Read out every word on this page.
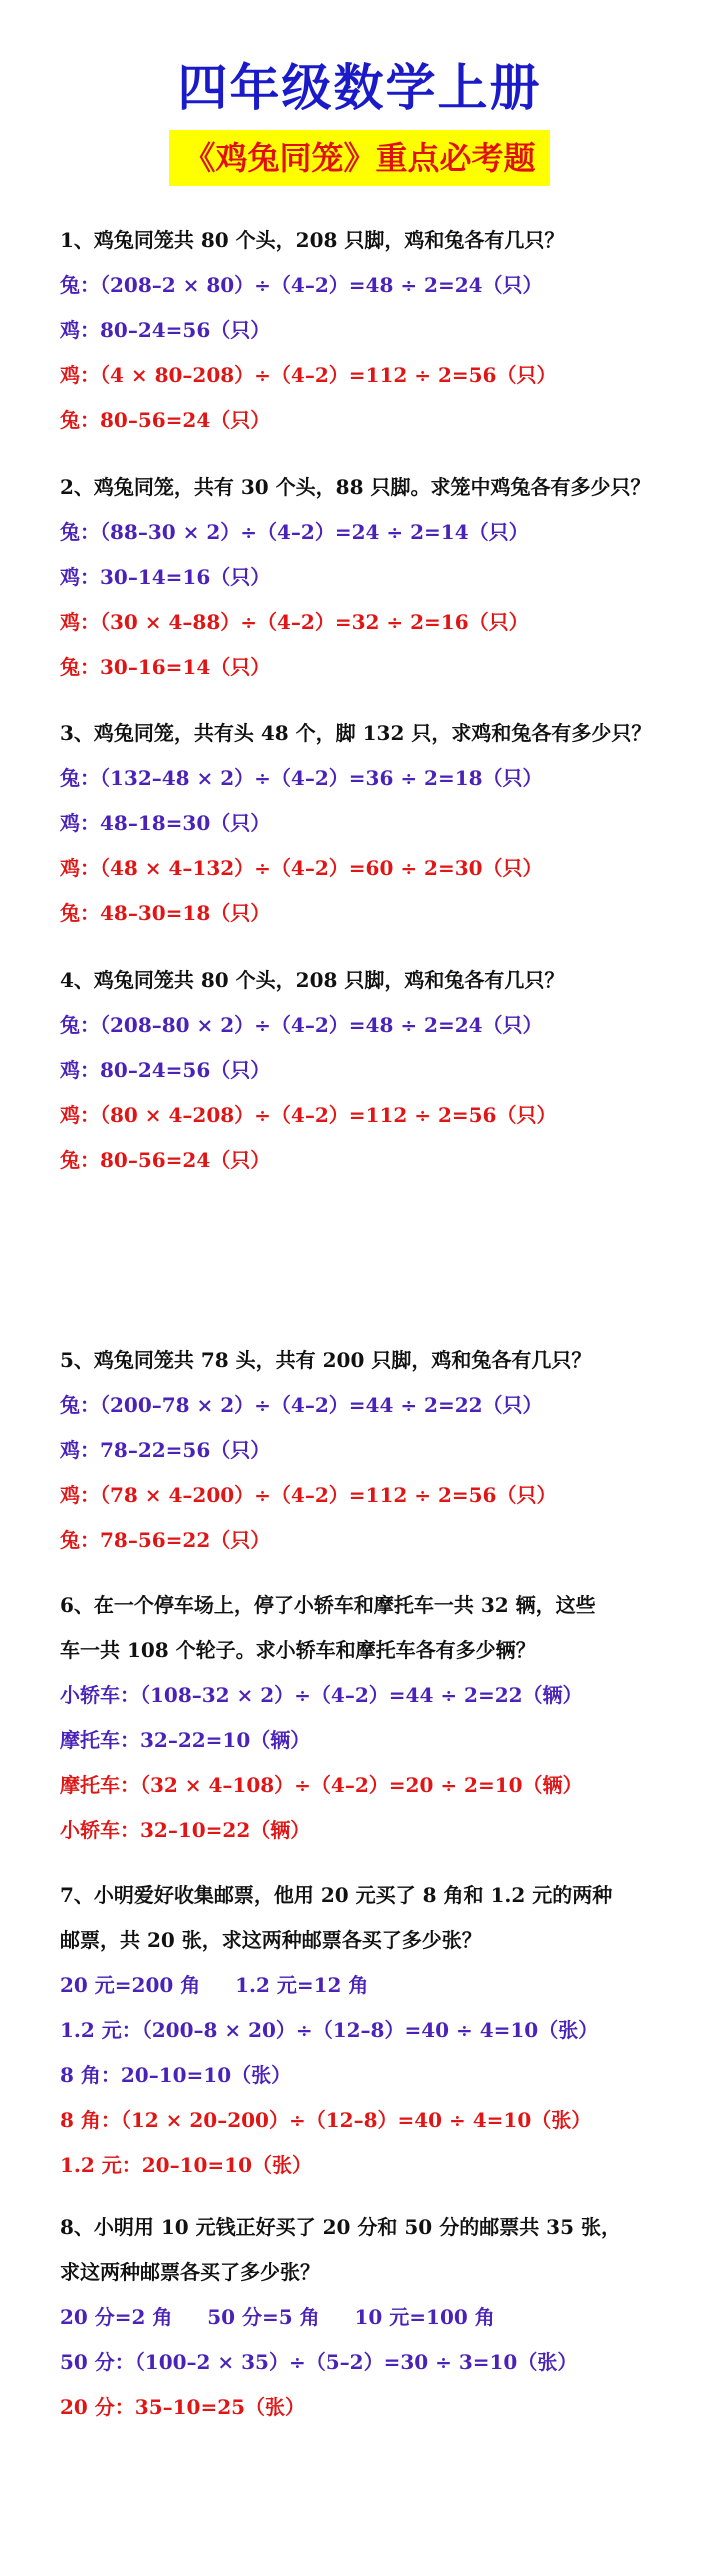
四年级数学上册
《鸡兔同笼》重点必考题
1、鸡兔同笼共 80 个头，208 只脚，鸡和兔各有几只？
兔：（208–2 × 80）÷（4–2）=48 ÷ 2=24（只）
鸡：80–24=56（只）
鸡：（4 × 80–208）÷（4–2）=112 ÷ 2=56（只）
兔：80–56=24（只）
2、鸡兔同笼，共有 30 个头，88 只脚。求笼中鸡兔各有多少只？
兔：（88–30 × 2）÷（4–2）=24 ÷ 2=14（只）
鸡：30–14=16（只）
鸡：（30 × 4–88）÷（4–2）=32 ÷ 2=16（只）
兔：30–16=14（只）
3、鸡兔同笼，共有头 48 个，脚 132 只，求鸡和兔各有多少只？
兔：（132–48 × 2）÷（4–2）=36 ÷ 2=18（只）
鸡：48–18=30（只）
鸡：（48 × 4–132）÷（4–2）=60 ÷ 2=30（只）
兔：48–30=18（只）
4、鸡兔同笼共 80 个头，208 只脚，鸡和兔各有几只？
兔：（208–80 × 2）÷（4–2）=48 ÷ 2=24（只）
鸡：80–24=56（只）
鸡：（80 × 4–208）÷（4–2）=112 ÷ 2=56（只）
兔：80–56=24（只）
5、鸡兔同笼共 78 头，共有 200 只脚，鸡和兔各有几只？
兔：（200–78 × 2）÷（4–2）=44 ÷ 2=22（只）
鸡：78–22=56（只）
鸡：（78 × 4–200）÷（4–2）=112 ÷ 2=56（只）
兔：78–56=22（只）
6、在一个停车场上，停了小轿车和摩托车一共 32 辆，这些
车一共 108 个轮子。求小轿车和摩托车各有多少辆？
小轿车：（108–32 × 2）÷（4–2）=44 ÷ 2=22（辆）
摩托车：32–22=10（辆）
摩托车：（32 × 4–108）÷（4–2）=20 ÷ 2=10（辆）
小轿车：32–10=22（辆）
7、小明爱好收集邮票，他用 20 元买了 8 角和 1.2 元的两种
邮票，共 20 张，求这两种邮票各买了多少张？
20 元=200 角     1.2 元=12 角
1.2 元：（200–8 × 20）÷（12–8）=40 ÷ 4=10（张）
8 角：20–10=10（张）
8 角：（12 × 20–200）÷（12–8）=40 ÷ 4=10（张）
1.2 元：20–10=10（张）
8、小明用 10 元钱正好买了 20 分和 50 分的邮票共 35 张，
求这两种邮票各买了多少张？
20 分=2 角     50 分=5 角     10 元=100 角
50 分：（100–2 × 35）÷（5–2）=30 ÷ 3=10（张）
20 分：35–10=25（张）
